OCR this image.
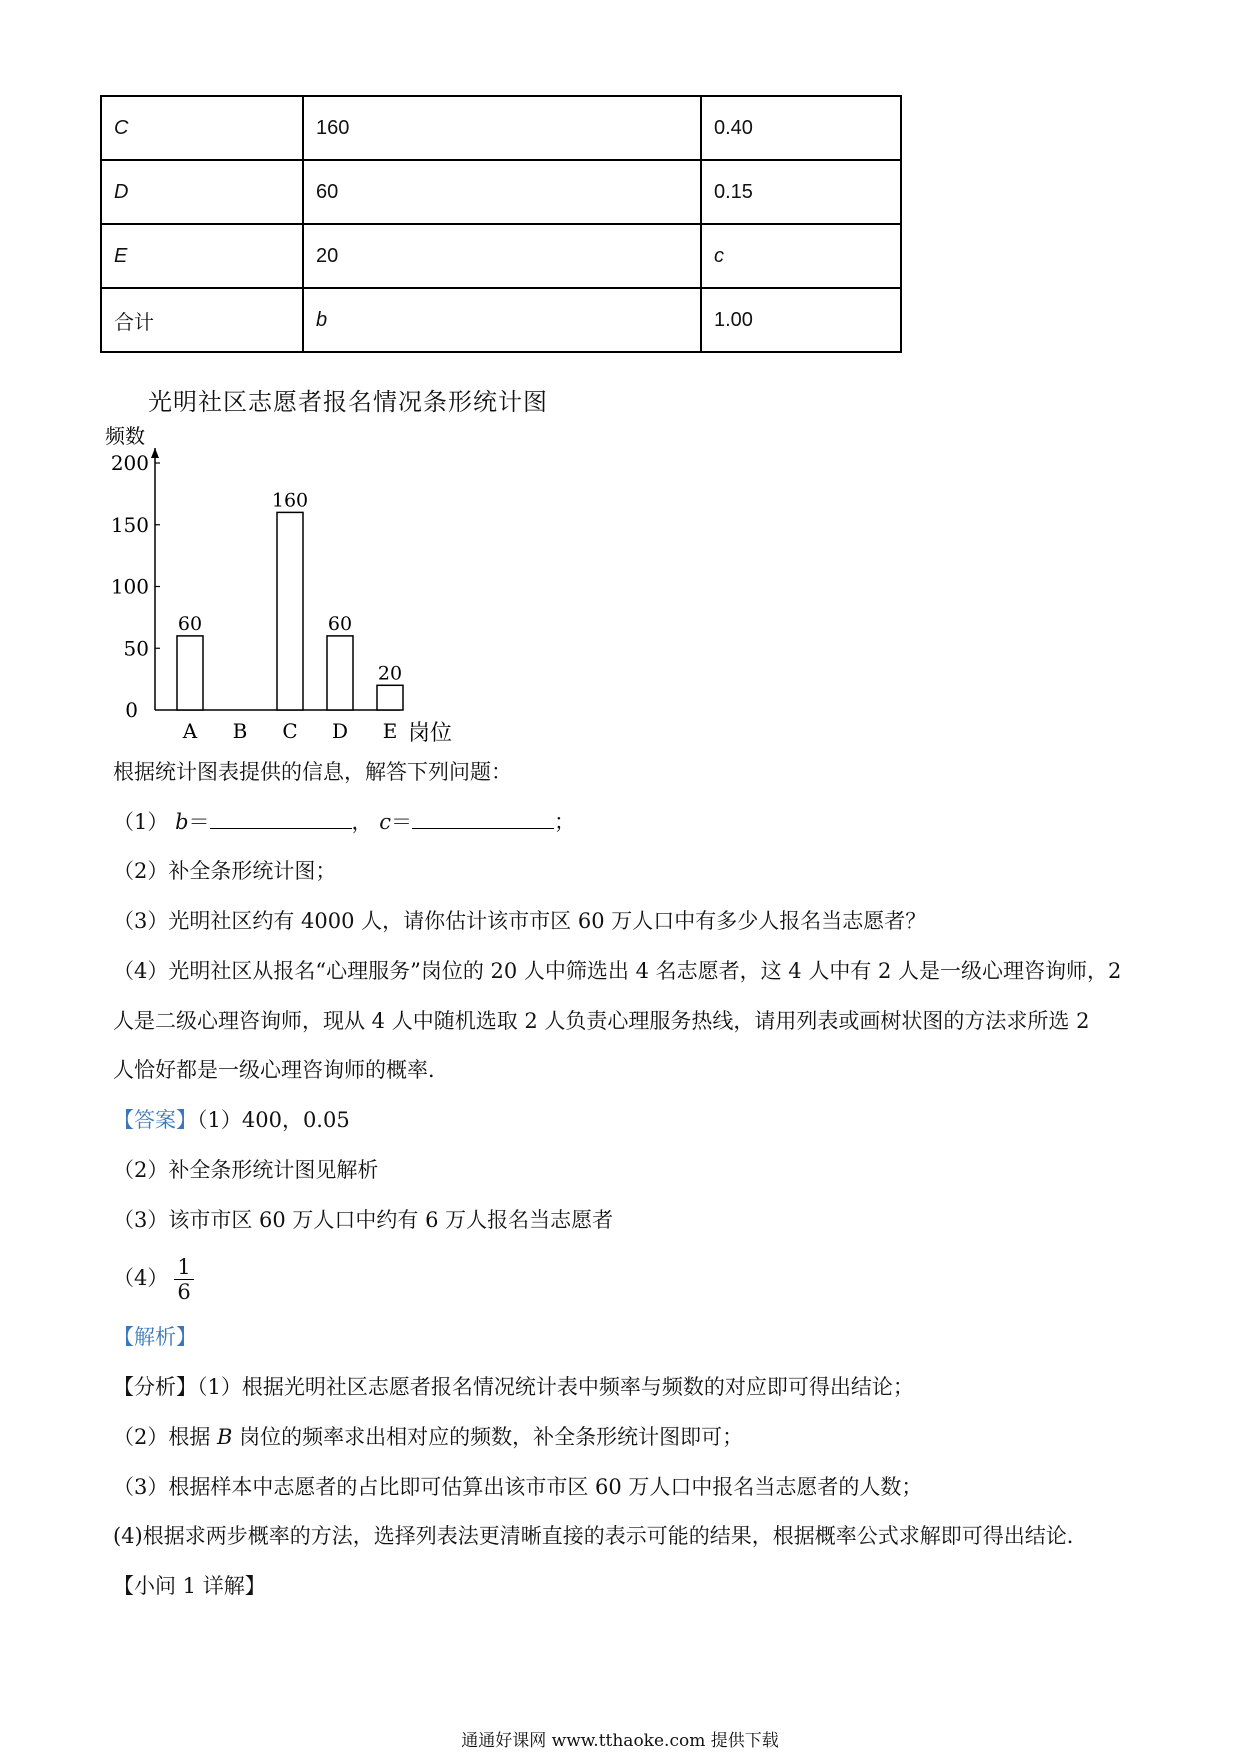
C	160	0.40
D	60	0.15
E	20	c
合计	b	1.00
光明社区志愿者报名情况条形统计图
频数
0
50
100
150
200
60
A B
160
C
60
D
20
E 岗位
根据统计图表提供的信息，解答下列问题：
（1） b＝	， c＝	；
（2）补全条形统计图；
（3）光明社区约有 4000 人，请你估计该市市区 60 万人口中有多少人报名当志愿者？
（4）光明社区从报名“心理服务”岗位的 20 人中筛选出 4 名志愿者，这 4 人中有 2 人是一级心理咨询师，2
人是二级心理咨询师，现从 4 人中随机选取 2 人负责心理服务热线，请用列表或画树状图的方法求所选 2
人恰好都是一级心理咨询师的概率．
【答案】（1）400，0.05
（2）补全条形统计图见解析
（3）该市市区 60 万人口中约有 6 万人报名当志愿者
$(4) \frac{1}{6}$
【解析】
【分析】（1）根据光明社区志愿者报名情况统计表中频率与频数的对应即可得出结论；
（2）根据 B 岗位的频率求出相对应的频数，补全条形统计图即可；
（3）根据样本中志愿者的占比即可估算出该市市区 60 万人口中报名当志愿者的人数；
(4)根据求两步概率的方法，选择列表法更清晰直接的表示可能的结果，根据概率公式求解即可得出结论．
【小问 1 详解】
通通好课网 www.tthaoke.com 提供下载
